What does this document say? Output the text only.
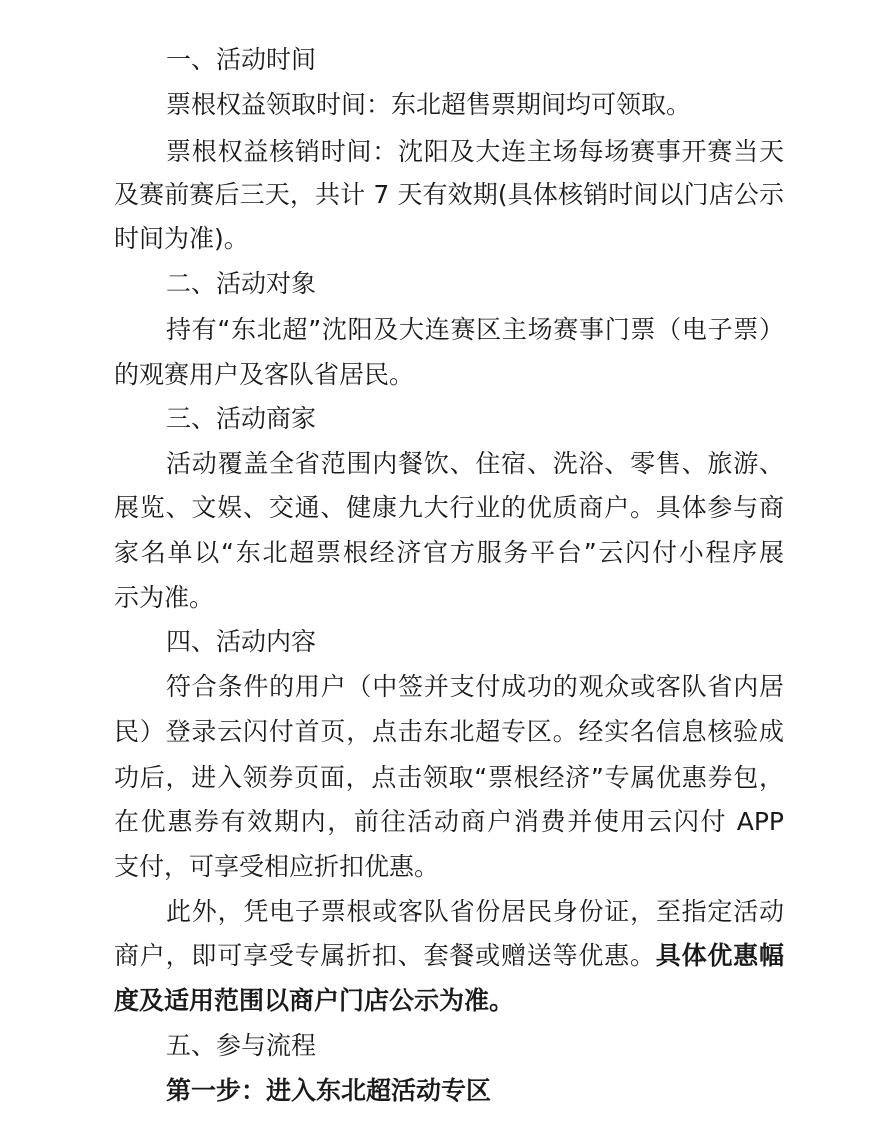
一、活动时间
票根权益领取时间：东北超售票期间均可领取。
票根权益核销时间：沈阳及大连主场每场赛事开赛当天
及赛前赛后三天，共计 7 天有效期(具体核销时间以门店公示
时间为准)。
二、活动对象
持有“东北超”沈阳及大连赛区主场赛事门票（电子票）
的观赛用户及客队省居民。
三、活动商家
活动覆盖全省范围内餐饮、住宿、洗浴、零售、旅游、
展览、文娱、交通、健康九大行业的优质商户。具体参与商
家名单以“东北超票根经济官方服务平台”云闪付小程序展
示为准。
四、活动内容
符合条件的用户（中签并支付成功的观众或客队省内居
民）登录云闪付首页，点击东北超专区。经实名信息核验成
功后，进入领券页面，点击领取“票根经济”专属优惠券包，
在优惠券有效期内，前往活动商户消费并使用云闪付 APP
支付，可享受相应折扣优惠。
此外，凭电子票根或客队省份居民身份证，至指定活动
商户，即可享受专属折扣、套餐或赠送等优惠。具体优惠幅
度及适用范围以商户门店公示为准。
五、参与流程
第一步：进入东北超活动专区
